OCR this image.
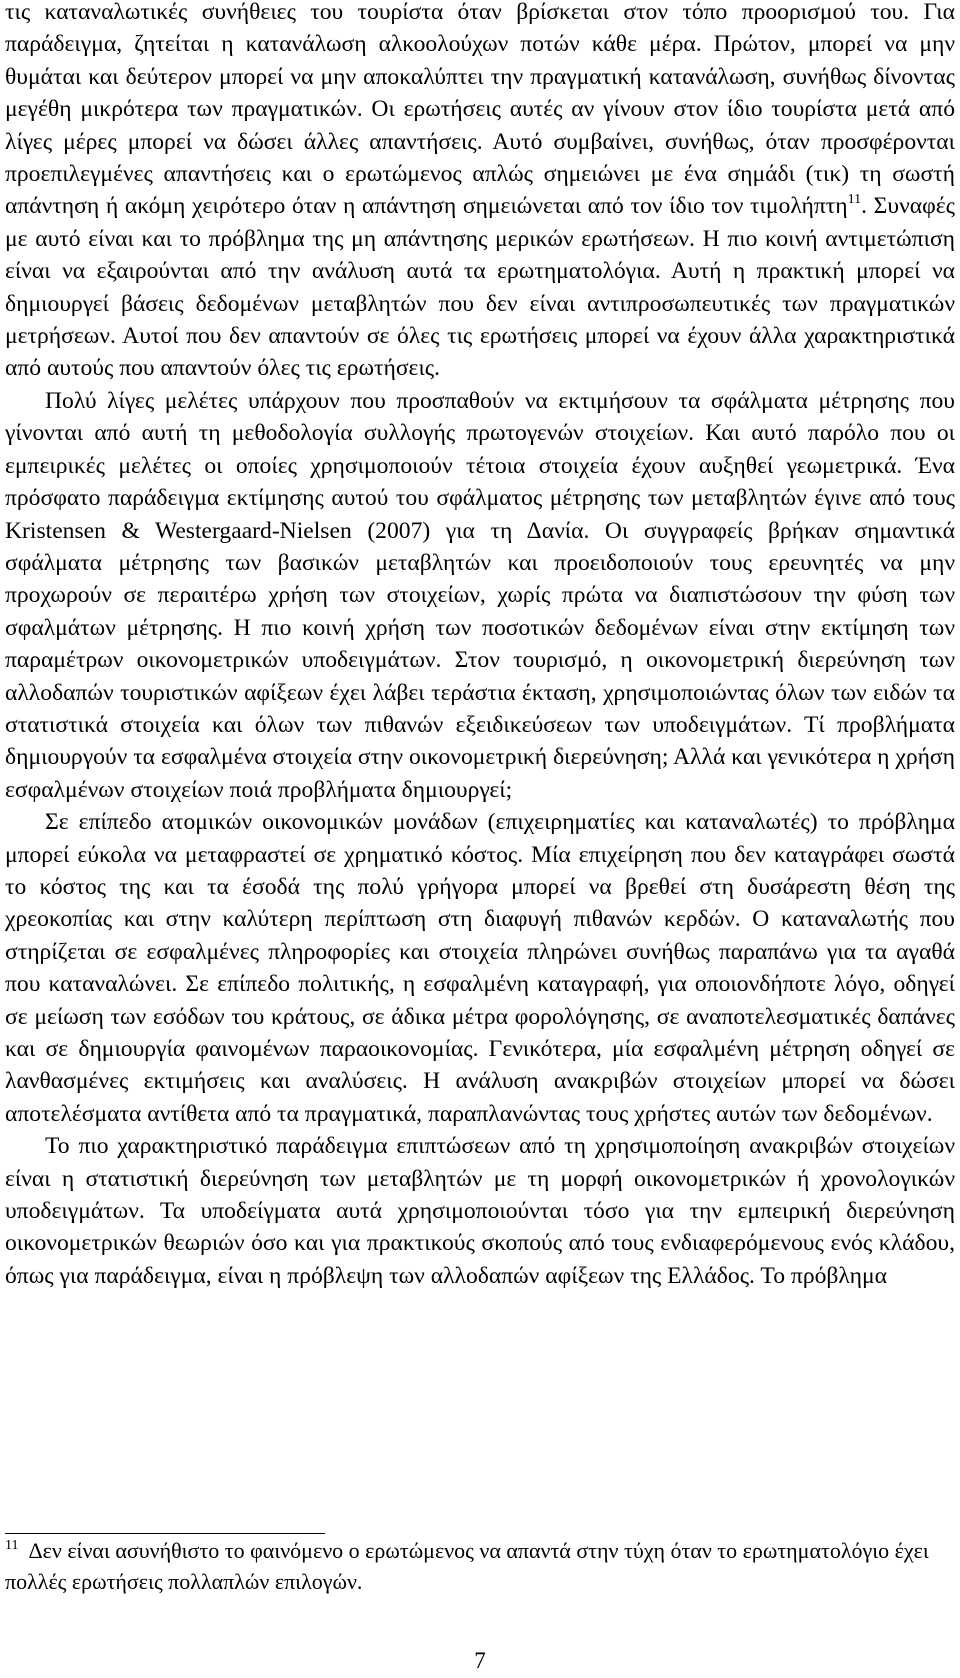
τις καταναλωτικές συνήθειες του τουρίστα όταν βρίσκεται στον τόπο προορισμού του. Για παράδειγμα, ζητείται η κατανάλωση αλκοολούχων ποτών κάθε μέρα. Πρώτον, μπορεί να μην θυμάται και δεύτερον μπορεί να μην αποκαλύπτει την πραγματική κατανάλωση, συνήθως δίνοντας μεγέθη μικρότερα των πραγματικών. Οι ερωτήσεις αυτές αν γίνουν στον ίδιο τουρίστα μετά από λίγες μέρες μπορεί να δώσει άλλες απαντήσεις. Αυτό συμβαίνει, συνήθως, όταν προσφέρονται προεπιλεγμένες απαντήσεις και ο ερωτώμενος απλώς σημειώνει με ένα σημάδι (τικ) τη σωστή απάντηση ή ακόμη χειρότερο όταν η απάντηση σημειώνεται από τον ίδιο τον τιμολήπτη$^{11}$. Συναφές με αυτό είναι και το πρόβλημα της μη απάντησης μερικών ερωτήσεων. Η πιο κοινή αντιμετώπιση είναι να εξαιρούνται από την ανάλυση αυτά τα ερωτηματολόγια. Αυτή η πρακτική μπορεί να δημιουργεί βάσεις δεδομένων μεταβλητών που δεν είναι αντιπροσωπευτικές των πραγματικών μετρήσεων. Αυτοί που δεν απαντούν σε όλες τις ερωτήσεις μπορεί να έχουν άλλα χαρακτηριστικά από αυτούς που απαντούν όλες τις ερωτήσεις.

Πολύ λίγες μελέτες υπάρχουν που προσπαθούν να εκτιμήσουν τα σφάλματα μέτρησης που γίνονται από αυτή τη μεθοδολογία συλλογής πρωτογενών στοιχείων. Και αυτό παρόλο που οι εμπειρικές μελέτες οι οποίες χρησιμοποιούν τέτοια στοιχεία έχουν αυξηθεί γεωμετρικά. Ένα πρόσφατο παράδειγμα εκτίμησης αυτού του σφάλματος μέτρησης των μεταβλητών έγινε από τους Kristensen & Westergaard-Nielsen (2007) για τη Δανία. Οι συγγραφείς βρήκαν σημαντικά σφάλματα μέτρησης των βασικών μεταβλητών και προειδοποιούν τους ερευνητές να μην προχωρούν σε περαιτέρω χρήση των στοιχείων, χωρίς πρώτα να διαπιστώσουν την φύση των σφαλμάτων μέτρησης. Η πιο κοινή χρήση των ποσοτικών δεδομένων είναι στην εκτίμηση των παραμέτρων οικονομετρικών υποδειγμάτων. Στον τουρισμό, η οικονομετρική διερεύνηση των αλλοδαπών τουριστικών αφίξεων έχει λάβει τεράστια έκταση, χρησιμοποιώντας όλων των ειδών τα στατιστικά στοιχεία και όλων των πιθανών εξειδικεύσεων των υποδειγμάτων. Τί προβλήματα δημιουργούν τα εσφαλμένα στοιχεία στην οικονομετρική διερεύνηση; Αλλά και γενικότερα η χρήση εσφαλμένων στοιχείων ποιά προβλήματα δημιουργεί;

Σε επίπεδο ατομικών οικονομικών μονάδων (επιχειρηματίες και καταναλωτές) το πρόβλημα μπορεί εύκολα να μεταφραστεί σε χρηματικό κόστος. Μία επιχείρηση που δεν καταγράφει σωστά το κόστος της και τα έσοδά της πολύ γρήγορα μπορεί να βρεθεί στη δυσάρεστη θέση της χρεοκοπίας και στην καλύτερη περίπτωση στη διαφυγή πιθανών κερδών. Ο καταναλωτής που στηρίζεται σε εσφαλμένες πληροφορίες και στοιχεία πληρώνει συνήθως παραπάνω για τα αγαθά που καταναλώνει. Σε επίπεδο πολιτικής, η εσφαλμένη καταγραφή, για οποιονδήποτε λόγο, οδηγεί σε μείωση των εσόδων του κράτους, σε άδικα μέτρα φορολόγησης, σε αναποτελεσματικές δαπάνες και σε δημιουργία φαινομένων παραοικονομίας. Γενικότερα, μία εσφαλμένη μέτρηση οδηγεί σε λανθασμένες εκτιμήσεις και αναλύσεις. Η ανάλυση ανακριβών στοιχείων μπορεί να δώσει αποτελέσματα αντίθετα από τα πραγματικά, παραπλανώντας τους χρήστες αυτών των δεδομένων.

Το πιο χαρακτηριστικό παράδειγμα επιπτώσεων από τη χρησιμοποίηση ανακριβών στοιχείων είναι η στατιστική διερεύνηση των μεταβλητών με τη μορφή οικονομετρικών ή χρονολογικών υποδειγμάτων. Τα υποδείγματα αυτά χρησιμοποιούνται τόσο για την εμπειρική διερεύνηση οικονομετρικών θεωριών όσο και για πρακτικούς σκοπούς από τους ενδιαφερόμενους ενός κλάδου, όπως για παράδειγμα, είναι η πρόβλεψη των αλλοδαπών αφίξεων της Ελλάδος. Το πρόβλημα

$^{11}$ Δεν είναι ασυνήθιστο το φαινόμενο ο ερωτώμενος να απαντά στην τύχη όταν το ερωτηματολόγιο έχει πολλές ερωτήσεις πολλαπλών επιλογών.

7
